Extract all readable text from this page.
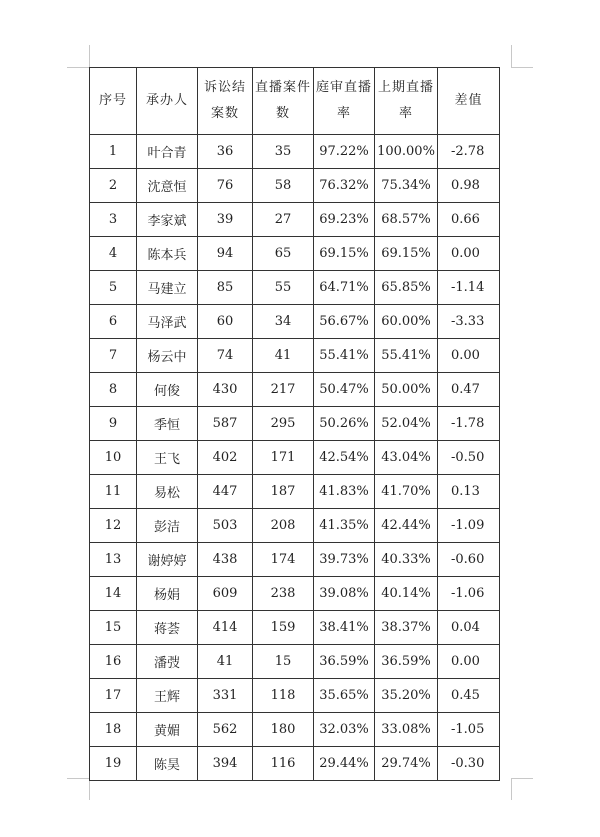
序号	承办人	诉讼结案数	直播案件数	庭审直播率	上期直播率	差值
1	叶合青	36	35	97.22%	100.00%	-2.78
2	沈意恒	76	58	76.32%	75.34%	0.98
3	李家斌	39	27	69.23%	68.57%	0.66
4	陈本兵	94	65	69.15%	69.15%	0.00
5	马建立	85	55	64.71%	65.85%	-1.14
6	马泽武	60	34	56.67%	60.00%	-3.33
7	杨云中	74	41	55.41%	55.41%	0.00
8	何俊	430	217	50.47%	50.00%	0.47
9	季恒	587	295	50.26%	52.04%	-1.78
10	王飞	402	171	42.54%	43.04%	-0.50
11	易松	447	187	41.83%	41.70%	0.13
12	彭洁	503	208	41.35%	42.44%	-1.09
13	谢婷婷	438	174	39.73%	40.33%	-0.60
14	杨娟	609	238	39.08%	40.14%	-1.06
15	蒋荟	414	159	38.41%	38.37%	0.04
16	潘弢	41	15	36.59%	36.59%	0.00
17	王辉	331	118	35.65%	35.20%	0.45
18	黄媚	562	180	32.03%	33.08%	-1.05
19	陈昊	394	116	29.44%	29.74%	-0.30
